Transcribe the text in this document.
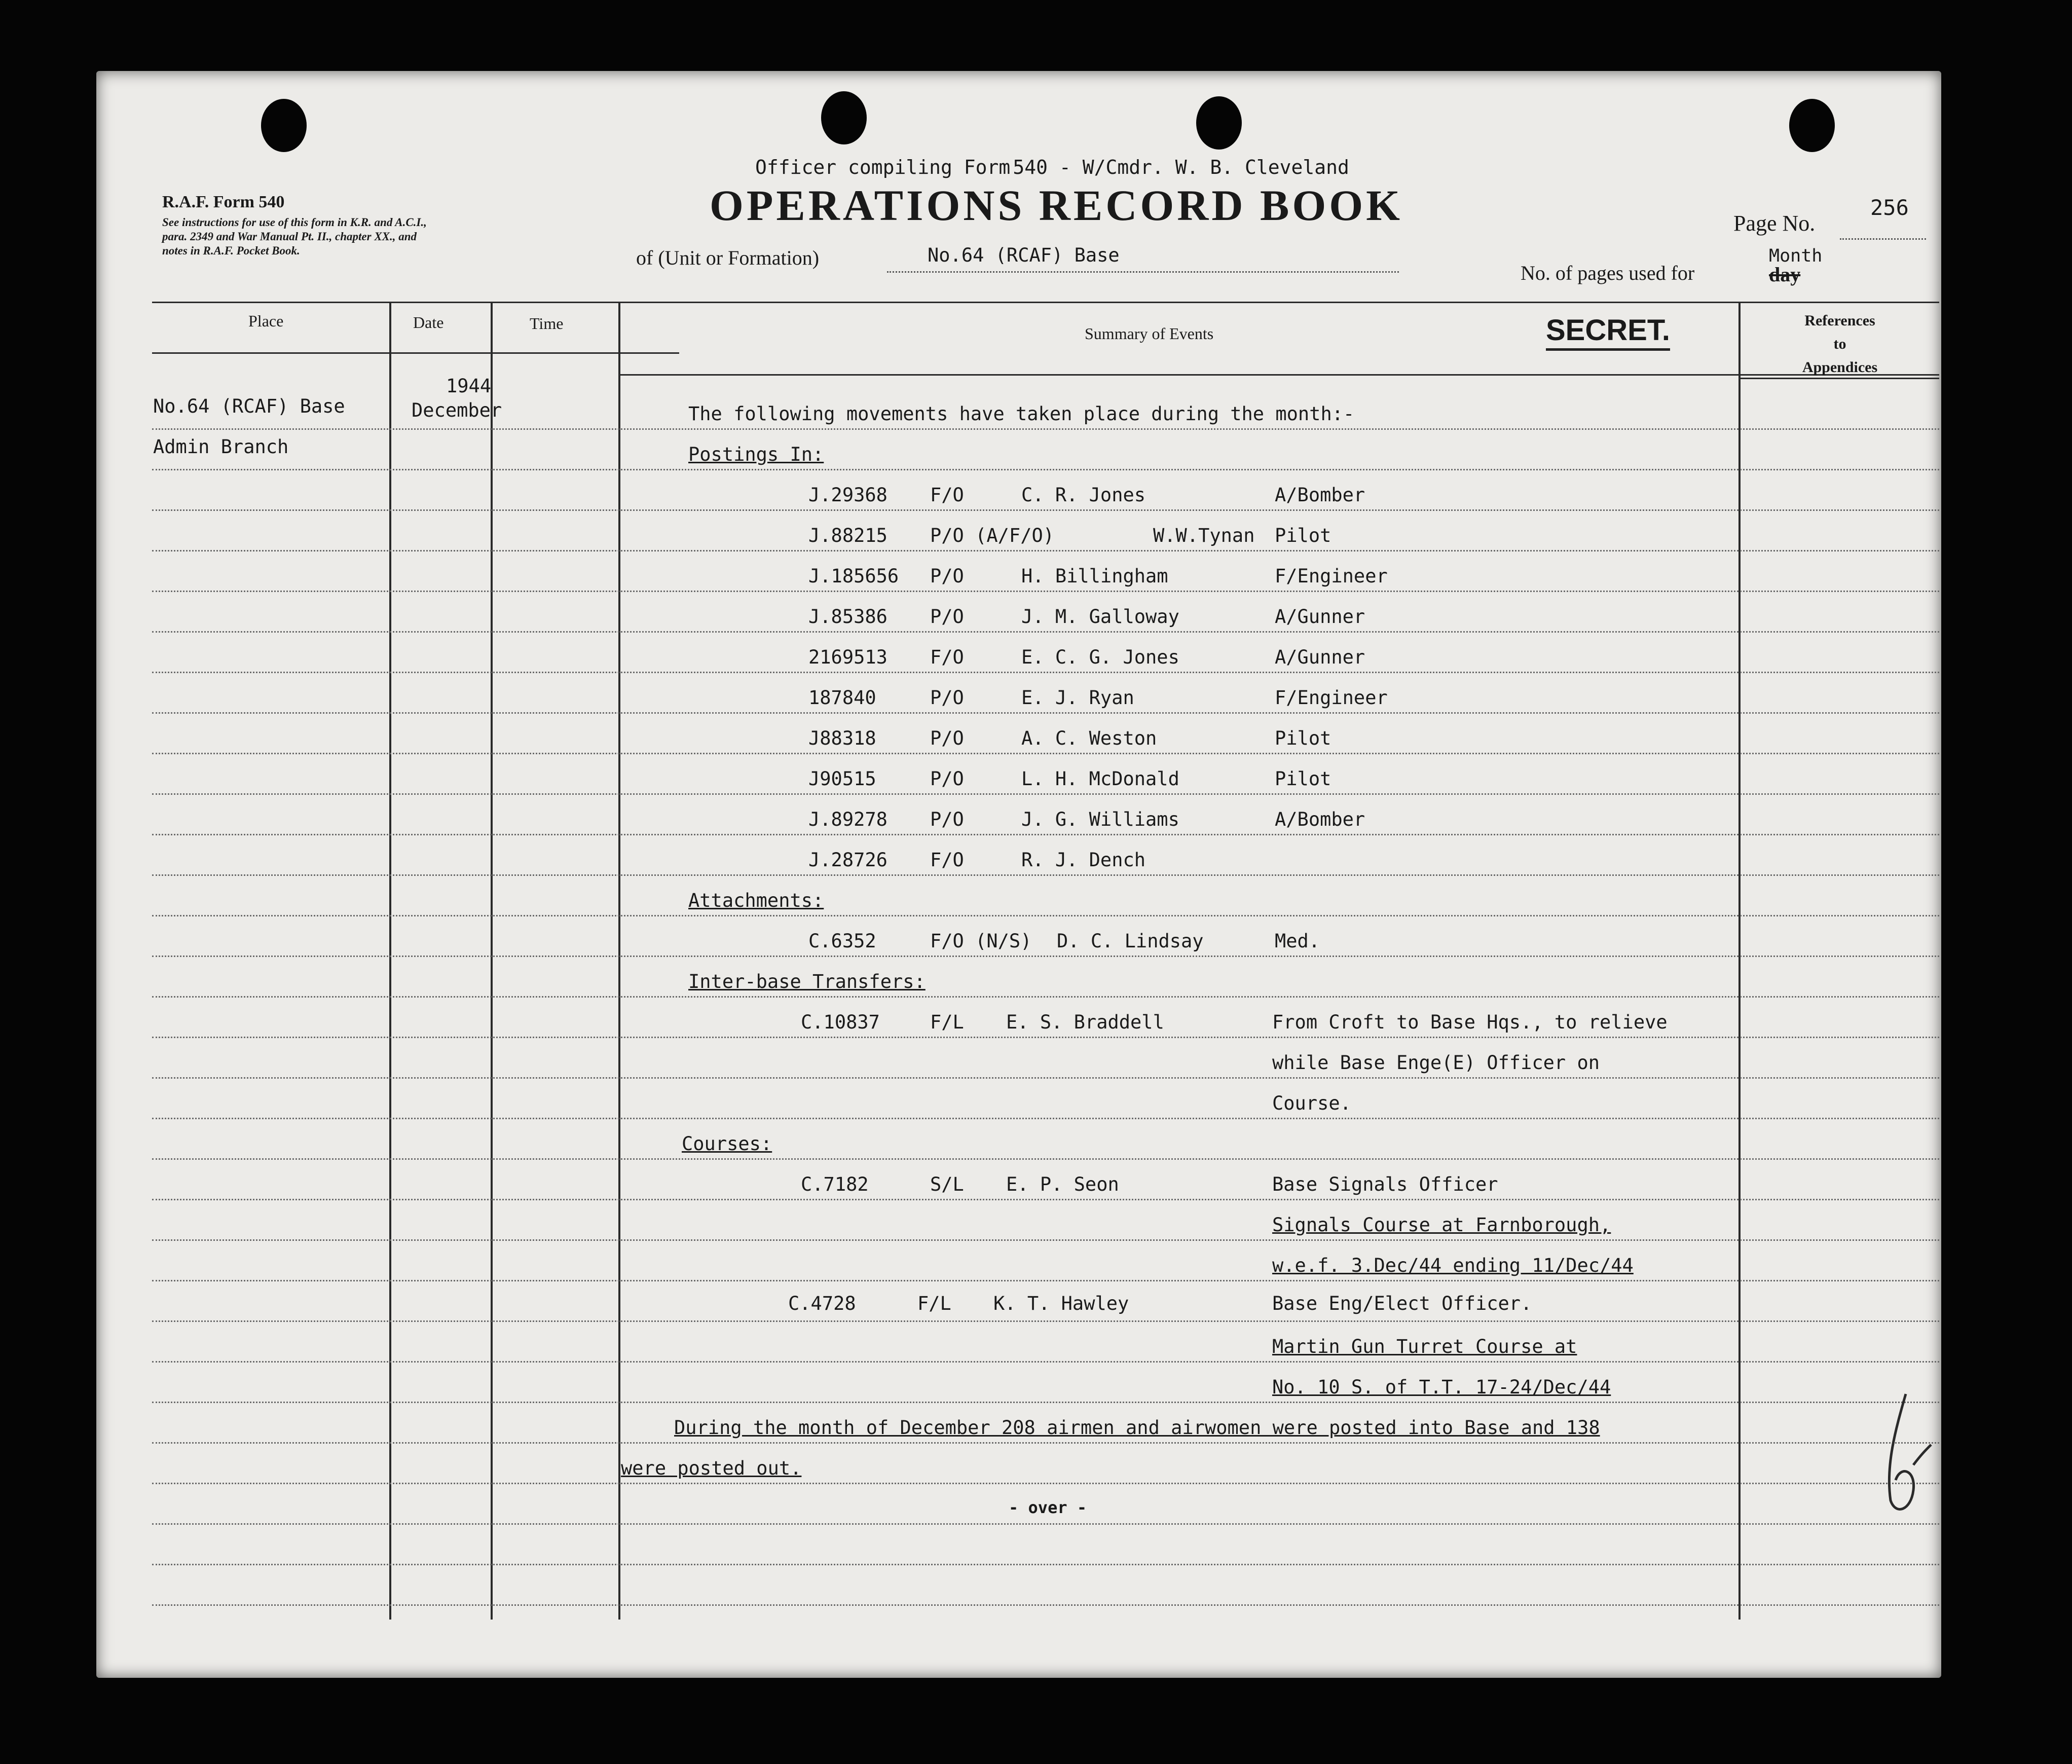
R.A.F. Form 540
See instructions for use of this form in K.R. and A.C.I.,
para. 2349 and War Manual Pt. II., chapter XX., and
notes in R.A.F. Pocket Book.
Officer compiling Form 540 - W/Cmdr. W. B. Cleveland
OPERATIONS RECORD BOOK
of (Unit or Formation)	No.64 (RCAF) Base
Page No.
256
No. of pages used for
Month
day
Place	Date	Time
Summary of Events	SECRET.	References
to
Appendices
No.64 (RCAF) Base
Admin Branch
1944
December	The following movements have taken place during the month:-
Postings In:
J.29368 F/O	C. R. Jones	A/Bomber
J.88215 P/O (A/F/O)	W.W.Tynan Pilot
J.185656 P/O	H. Billingham	F/Engineer
J.85386 P/O	J. M. Galloway	A/Gunner
2169513 F/O	E. C. G. Jones	A/Gunner
187840	P/O	E. J. Ryan	F/Engineer
J88318	P/O	A. C. Weston	Pilot
J90515	P/O	L. H. McDonald	Pilot
J.89278 P/O	J. G. Williams	A/Bomber
J.28726 F/O	R. J. Dench
Attachments:
C.6352	F/O (N/S) D. C. Lindsay	Med.
Inter-base Transfers:
C.10837	F/L E. S. Braddell	From Croft to Base Hqs., to relieve
while Base Enge(E) Officer on
Course.
Courses:
C.7182	S/L E. P. Seon	Base Signals Officer
Signals Course at Farnborough,
w.e.f. 3.Dec/44 ending 11/Dec/44
C.4728	F/L K. T. Hawley	Base Eng/Elect Officer.
Martin Gun Turret Course at
No. 10 S. of T.T. 17-24/Dec/44
During the month of December 208 airmen and airwomen were posted into Base and 138
were posted out.
- over -
